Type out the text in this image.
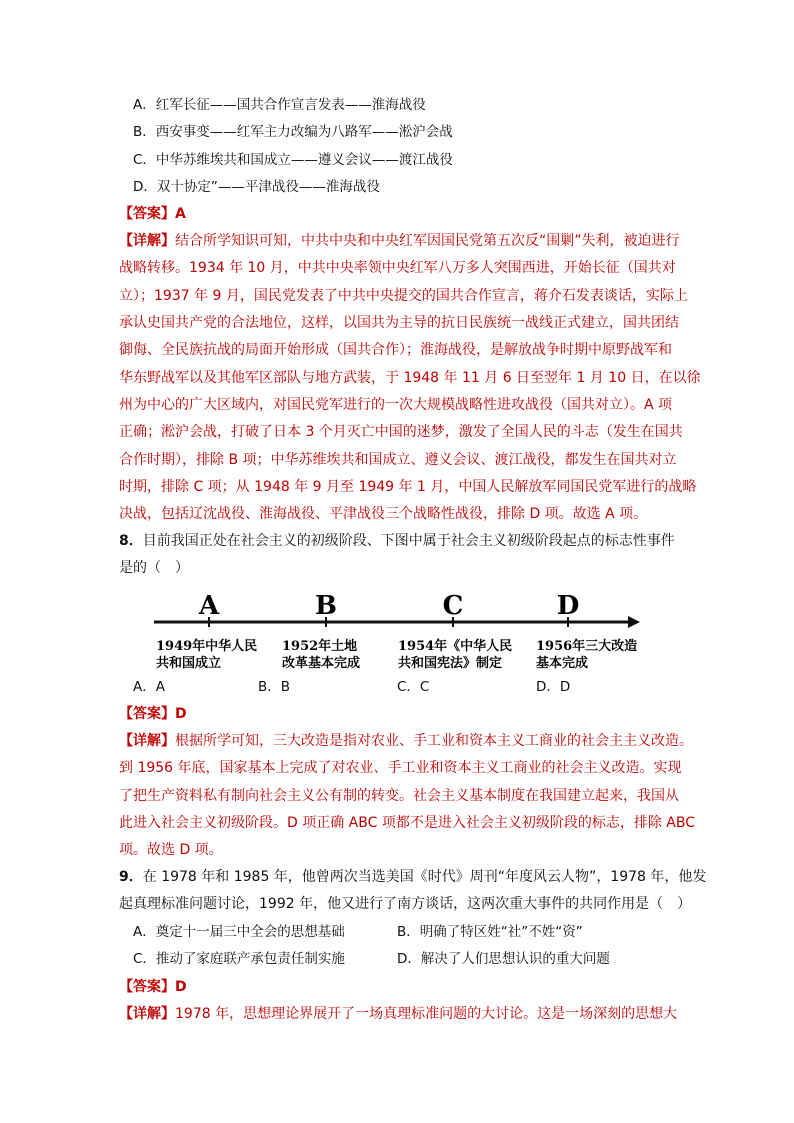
A．红军长征——国共合作宣言发表——淮海战役
B．西安事变——红军主力改编为八路军——淞沪会战
C．中华苏维埃共和国成立——遵义会议——渡江战役
D．双十协定”——平津战役——淮海战役
【答案】A
【详解】结合所学知识可知，中共中央和中央红军因国民党第五次反“围剿”失利，被迫进行
战略转移。1934 年 10 月，中共中央率领中央红军八万多人突围西进，开始长征（国共对
立）；1937 年 9 月，国民党发表了中共中央提交的国共合作宣言，蒋介石发表谈话，实际上
承认史国共产党的合法地位，这样，以国共为主导的抗日民族统一战线正式建立，国共团结
御侮、全民族抗战的局面开始形成（国共合作）；淮海战役，是解放战争时期中原野战军和
华东野战军以及其他军区部队与地方武装，于 1948 年 11 月 6 日至翌年 1 月 10 日，在以徐
州为中心的广大区域内，对国民党军进行的一次大规模战略性进攻战役（国共对立）。A 项
正确；淞沪会战，打破了日本 3 个月灭亡中国的迷梦，激发了全国人民的斗志（发生在国共
合作时期），排除 B 项；中华苏维埃共和国成立、遵义会议、渡江战役，都发生在国共对立
时期，排除 C 项；从 1948 年 9 月至 1949 年 1 月，中国人民解放军同国民党军进行的战略
决战，包括辽沈战役、淮海战役、平津战役三个战略性战役，排除 D 项。故选 A 项。
8．目前我国正处在社会主义的初级阶段、下图中属于社会主义初级阶段起点的标志性事件
是的（　）
A
1949年中华人民
共和国成立
B
1952年土地
改革基本完成
C
1954年《中华人民
共和国宪法》制定
D
1956年三大改造
基本完成
A．A	B．B	C．C	D．D
【答案】D
【详解】根据所学可知，三大改造是指对农业、手工业和资本主义工商业的社会主主义改造。
到 1956 年底，国家基本上完成了对农业、手工业和资本主义工商业的社会主义改造。实现
了把生产资料私有制向社会主义公有制的转变。社会主义基本制度在我国建立起来，我国从
此进入社会主义初级阶段。D 项正确 ABC 项都不是进入社会主义初级阶段的标志，排除 ABC
项。故选 D 项。
9．在 1978 年和 1985 年，他曾两次当选美国《时代》周刊“年度风云人物”，1978 年，他发
起真理标准问题讨论，1992 年，他又进行了南方谈话，这两次重大事件的共同作用是（　）
A．奠定十一届三中全会的思想基础	B．明确了特区姓“社”不姓“资”
C．推动了家庭联产承包责任制实施	D．解决了人们思想认识的重大问题
【答案】D
【详解】1978 年，思想理论界展开了一场真理标准问题的大讨论。这是一场深刻的思想大
